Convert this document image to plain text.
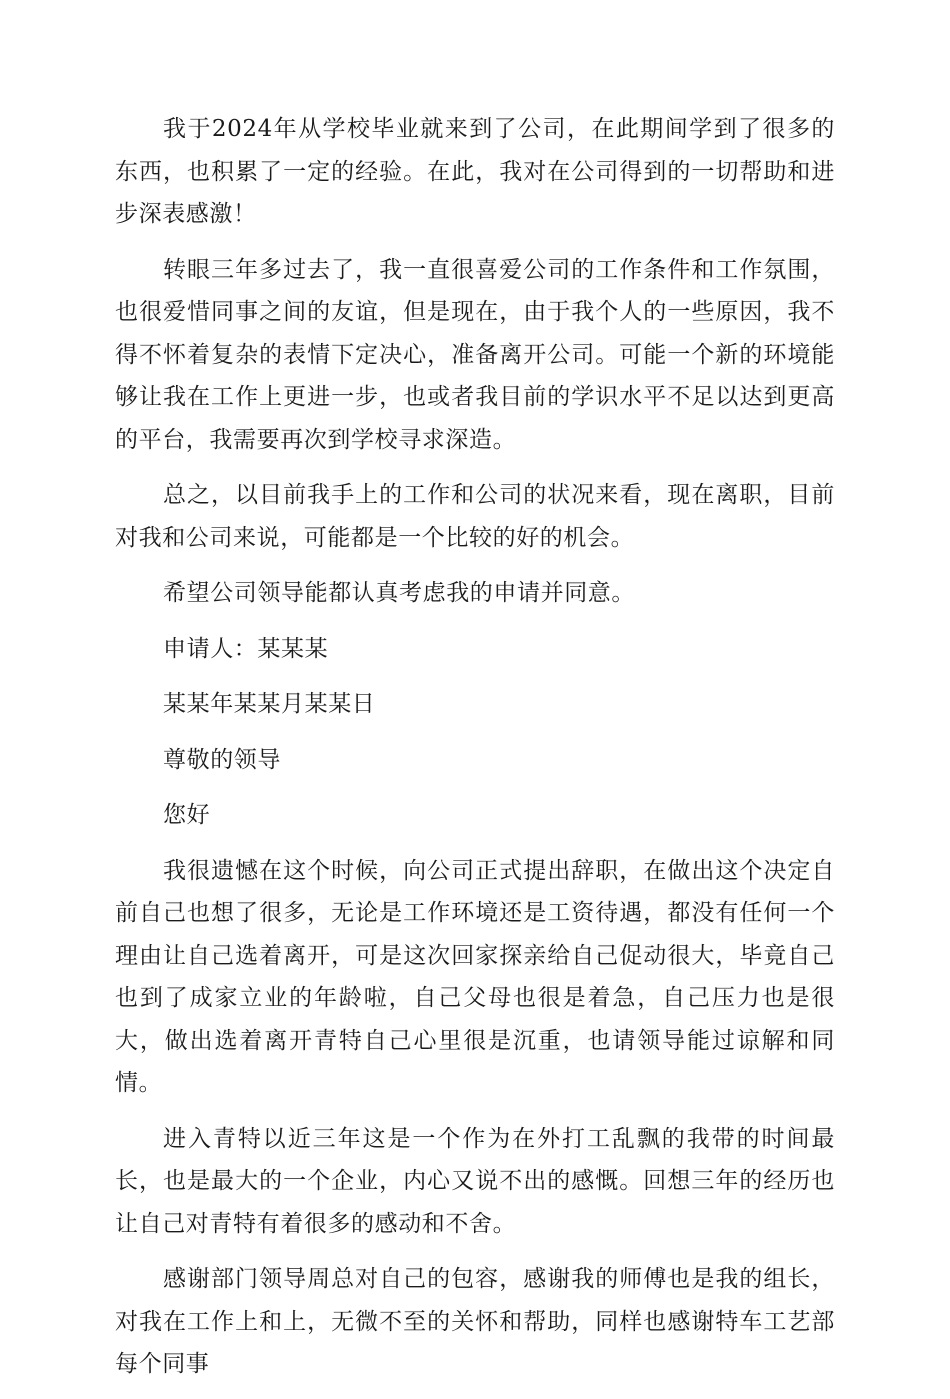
我于2024年从学校毕业就来到了公司，在此期间学到了很多的东西，也积累了一定的经验。在此，我对在公司得到的一切帮助和进步深表感激！

转眼三年多过去了，我一直很喜爱公司的工作条件和工作氛围，也很爱惜同事之间的友谊，但是现在，由于我个人的一些原因，我不得不怀着复杂的表情下定决心，准备离开公司。可能一个新的环境能够让我在工作上更进一步，也或者我目前的学识水平不足以达到更高的平台，我需要再次到学校寻求深造。

总之，以目前我手上的工作和公司的状况来看，现在离职，目前对我和公司来说，可能都是一个比较的好的机会。

希望公司领导能都认真考虑我的申请并同意。

申请人：某某某

某某年某某月某某日

尊敬的领导

您好

我很遗憾在这个时候，向公司正式提出辞职，在做出这个决定自前自己也想了很多，无论是工作环境还是工资待遇，都没有任何一个理由让自己选着离开，可是这次回家探亲给自己促动很大，毕竟自己也到了成家立业的年龄啦，自己父母也很是着急，自己压力也是很大，做出选着离开青特自己心里很是沉重，也请领导能过谅解和同情。

进入青特以近三年这是一个作为在外打工乱飘的我带的时间最长，也是最大的一个企业，内心又说不出的感慨。回想三年的经历也让自己对青特有着很多的感动和不舍。

感谢部门领导周总对自己的包容，感谢我的师傅也是我的组长，对我在工作上和上，无微不至的关怀和帮助，同样也感谢特车工艺部每个同事
